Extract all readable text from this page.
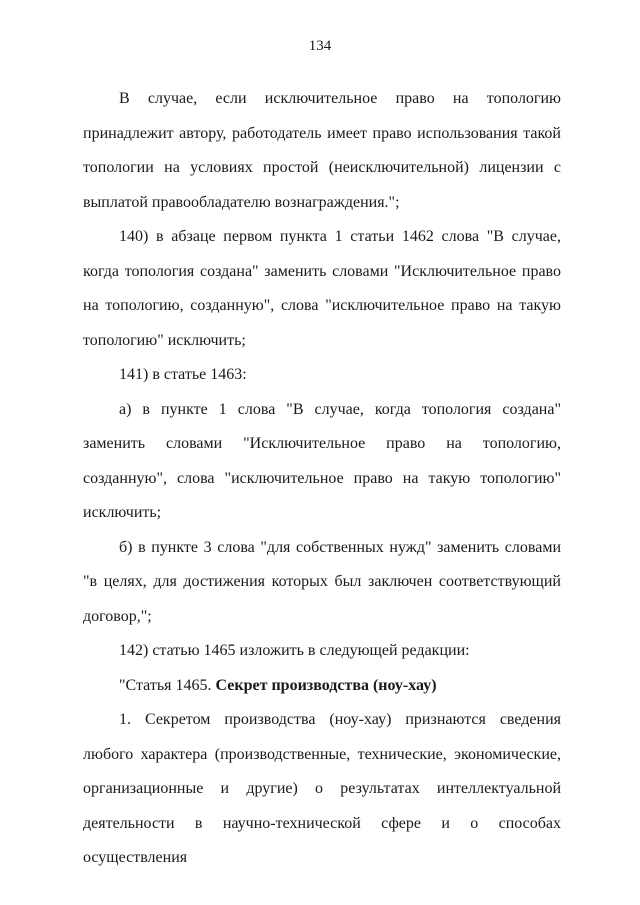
134

В случае, если исключительное право на топологию принадлежит автору, работодатель имеет право использования такой топологии на условиях простой (неисключительной) лицензии с выплатой правообладателю вознаграждения.";

140) в абзаце первом пункта 1 статьи 1462 слова "В случае, когда топология создана" заменить словами "Исключительное право на топологию, созданную", слова "исключительное право на такую топологию" исключить;

141) в статье 1463:

а) в пункте 1 слова "В случае, когда топология создана" заменить словами "Исключительное право на топологию, созданную", слова "исключительное право на такую топологию" исключить;

б) в пункте 3 слова "для собственных нужд" заменить словами "в целях, для достижения которых был заключен соответствующий договор,";

142) статью 1465 изложить в следующей редакции:

"Статья 1465. Секрет производства (ноу-хау)

1. Секретом производства (ноу-хау) признаются сведения любого характера (производственные, технические, экономические, организационные и другие) о результатах интеллектуальной деятельности в научно-технической сфере и о способах осуществления
